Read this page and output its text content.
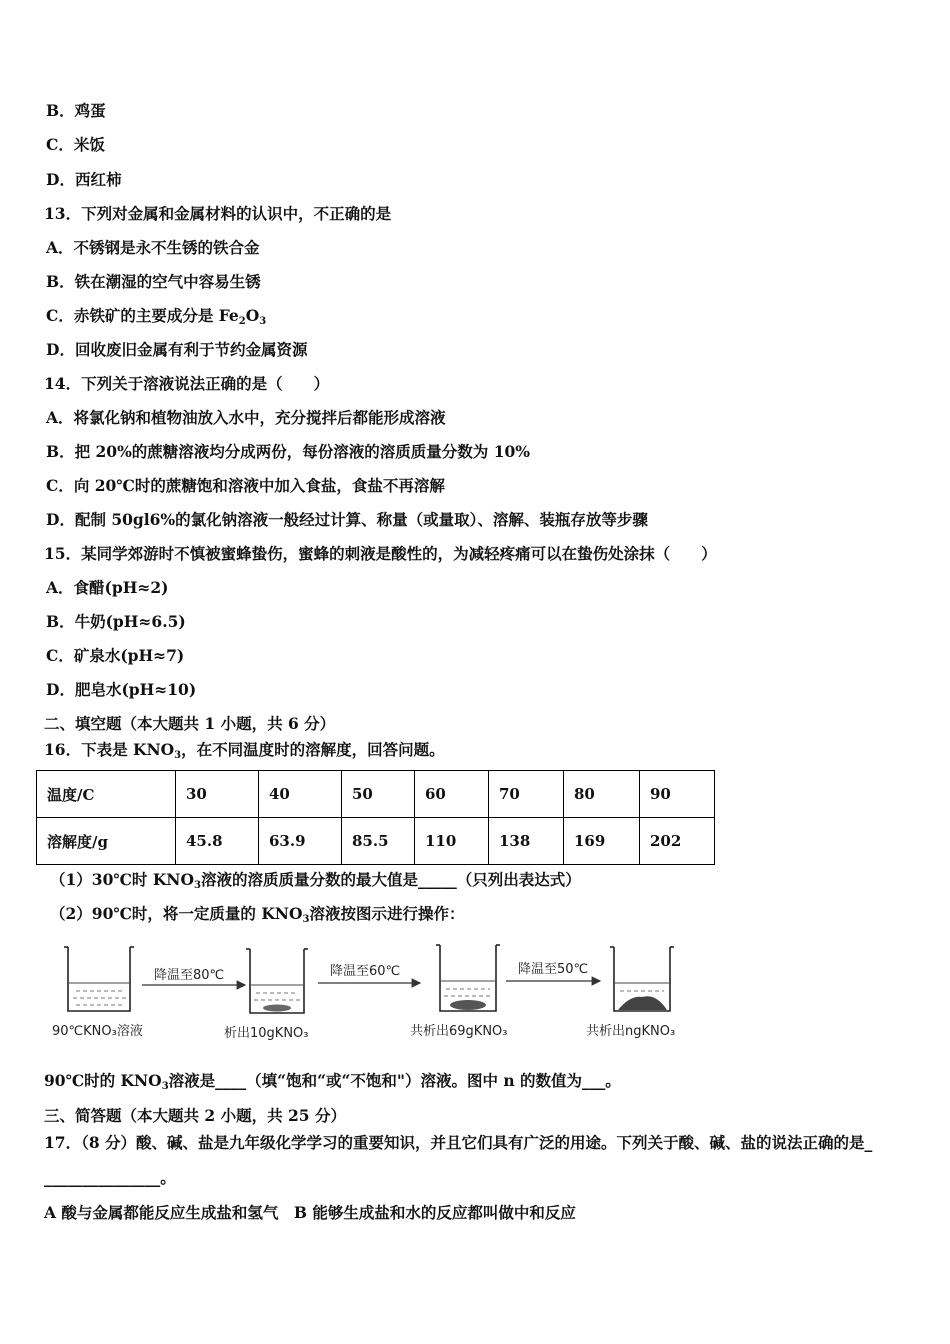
B．鸡蛋
C．米饭
D．西红柿
13．下列对金属和金属材料的认识中，不正确的是
A．不锈钢是永不生锈的铁合金
B．铁在潮湿的空气中容易生锈
C．赤铁矿的主要成分是 $Fe_2O_3$
D．回收废旧金属有利于节约金属资源
14．下列关于溶液说法正确的是（　　）
A．将氯化钠和植物油放入水中，充分搅拌后都能形成溶液
B．把 20%的蔗糖溶液均分成两份，每份溶液的溶质质量分数为 10%
C．向 20℃时的蔗糖饱和溶液中加入食盐，食盐不再溶解
D．配制 50gl6%的氯化钠溶液一般经过计算、称量（或量取）、溶解、装瓶存放等步骤
15．某同学郊游时不慎被蜜蜂蛰伤，蜜蜂的刺液是酸性的，为减轻疼痛可以在蛰伤处涂抹（　　）
A．食醋(pH≈2)
B．牛奶(pH≈6.5)
C．矿泉水(pH≈7)
D．肥皂水(pH≈10)
二、填空题（本大题共 1 小题，共 6 分）
16．下表是 $KNO_3$，在不同温度时的溶解度，回答问题。
温度/C	30	40	50	60	70	80	90
溶解度/g	45.8	63.9	85.5	110	138	169	202
（1）30℃时 $KNO_3$溶液的溶质质量分数的最大值是_____（只列出表达式）
（2）90℃时，将一定质量的 $KNO_3$溶液按图示进行操作：
90℃KNO₃溶液
降温至80℃
析出10gKNO₃
降温至60℃
共析出69gKNO₃
降温至50℃
共析出ngKNO₃
90℃时的 $KNO_3$溶液是____（填“饱和“或“不饱和"）溶液。图中 n 的数值为___。
三、简答题（本大题共 2 小题，共 25 分）
17．（8 分）酸、碱、盐是九年级化学学习的重要知识，并且它们具有广泛的用途。下列关于酸、碱、盐的说法正确的是_
_______________。
A 酸与金属都能反应生成盐和氢气　B 能够生成盐和水的反应都叫做中和反应
